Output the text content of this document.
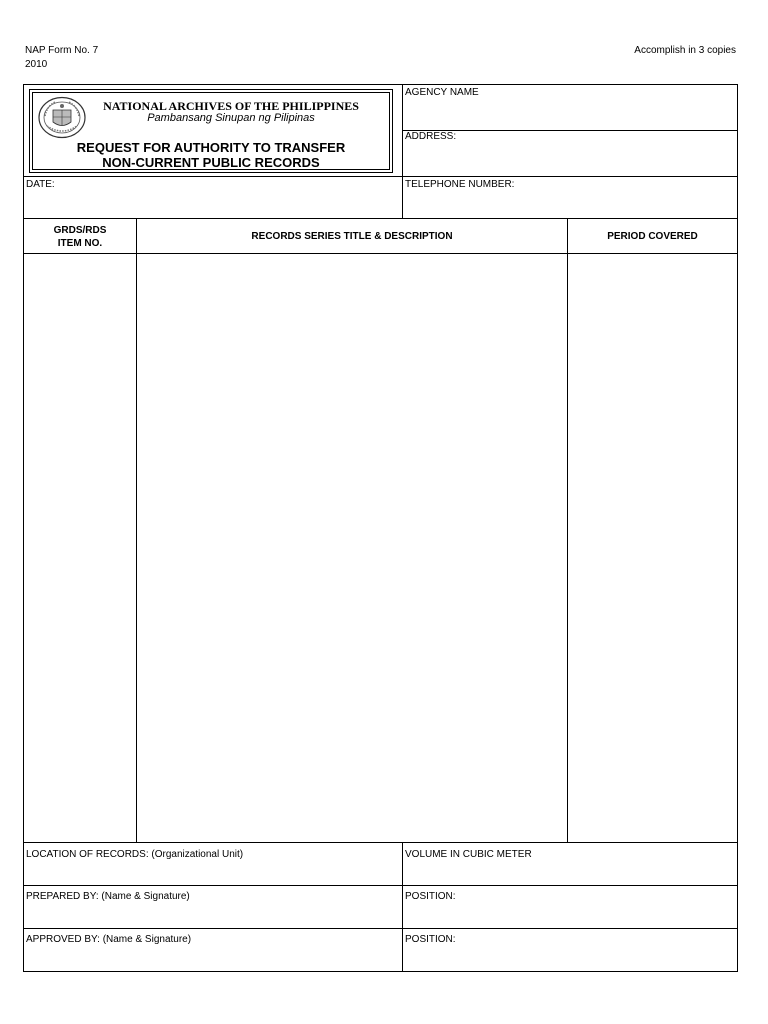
NAP Form No. 7
2010
Accomplish in 3 copies
NATIONAL ARCHIVES OF THE PHILIPPINES
Pambansang Sinupan ng Pilipinas
REQUEST FOR AUTHORITY TO TRANSFER
NON-CURRENT PUBLIC RECORDS
AGENCY NAME
ADDRESS:
DATE:	TELEPHONE NUMBER:
GRDS/RDS
ITEM NO.
RECORDS SERIES TITLE & DESCRIPTION	PERIOD COVERED
LOCATION OF RECORDS: (Organizational Unit)	VOLUME IN CUBIC METER
PREPARED BY: (Name & Signature)	POSITION:
APPROVED BY: (Name & Signature)	POSITION:
